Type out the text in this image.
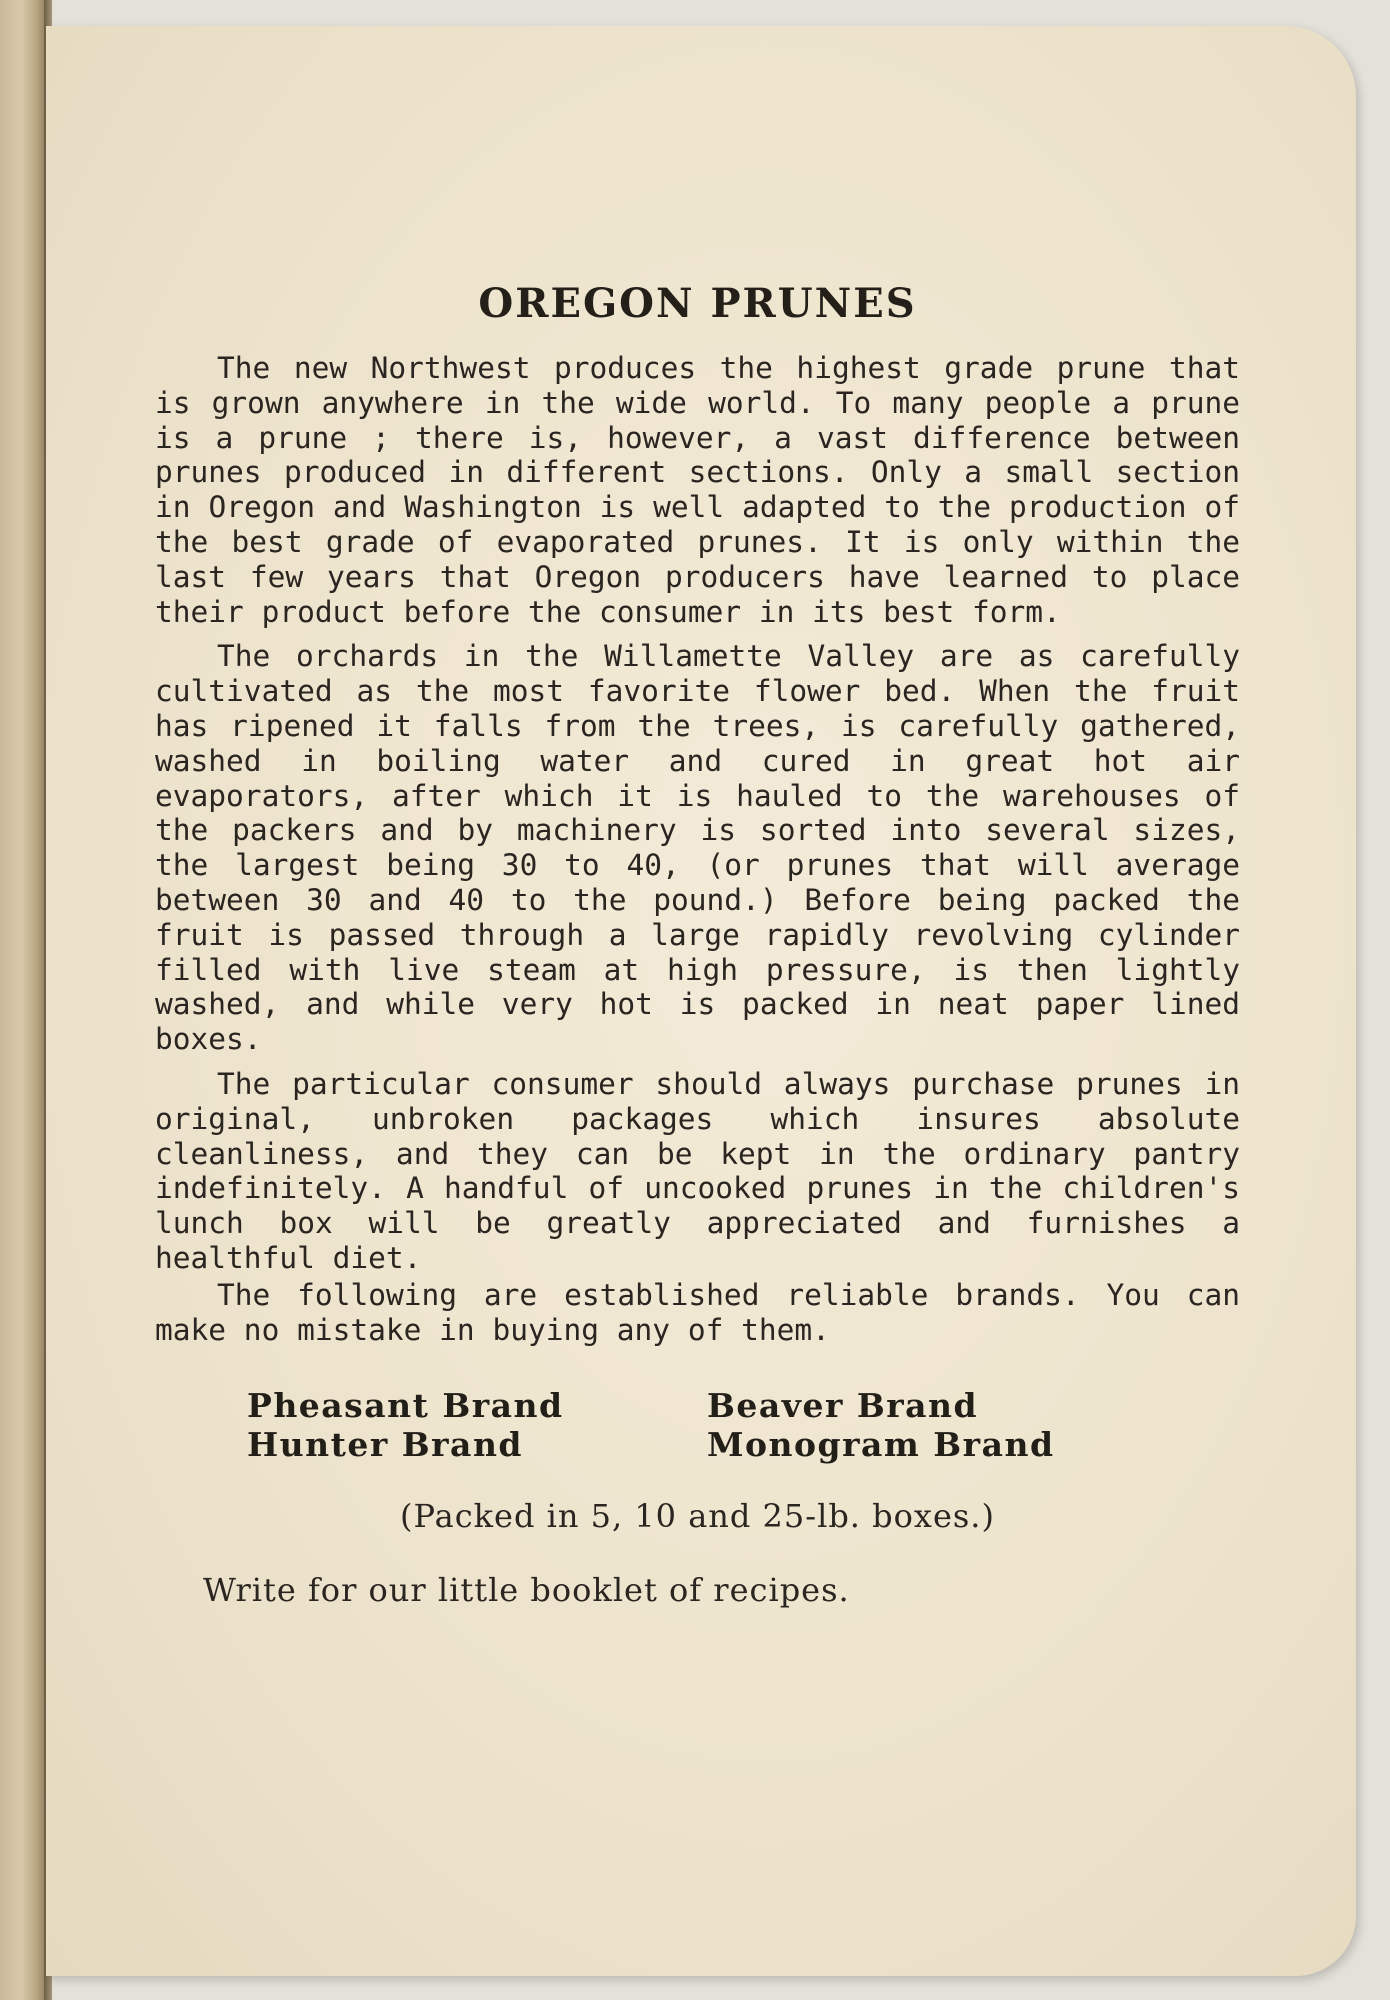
OREGON PRUNES

The new Northwest produces the highest grade prune that is grown anywhere in the wide world. To many people a prune is a prune ; there is, however, a vast difference between prunes produced in different sections. Only a small section in Oregon and Washington is well adapted to the production of the best grade of evaporated prunes. It is only within the last few years that Oregon producers have learned to place their product before the consumer in its best form.

The orchards in the Willamette Valley are as carefully cultivated as the most favorite flower bed. When the fruit has ripened it falls from the trees, is carefully gathered, washed in boiling water and cured in great hot air evaporators, after which it is hauled to the warehouses of the packers and by machinery is sorted into several sizes, the largest being 30 to 40, (or prunes that will average between 30 and 40 to the pound.) Before being packed the fruit is passed through a large rapidly revolving cylinder filled with live steam at high pressure, is then lightly washed, and while very hot is packed in neat paper lined boxes.

The particular consumer should always purchase prunes in original, unbroken packages which insures absolute cleanliness, and they can be kept in the ordinary pantry indefinitely. A handful of uncooked prunes in the children's lunch box will be greatly appreciated and furnishes a healthful diet.

The following are established reliable brands. You can make no mistake in buying any of them.

Pheasant Brand	Beaver Brand
Hunter Brand	Monogram Brand
(Packed in 5, 10 and 25-lb. boxes.)
Write for our little booklet of recipes.
